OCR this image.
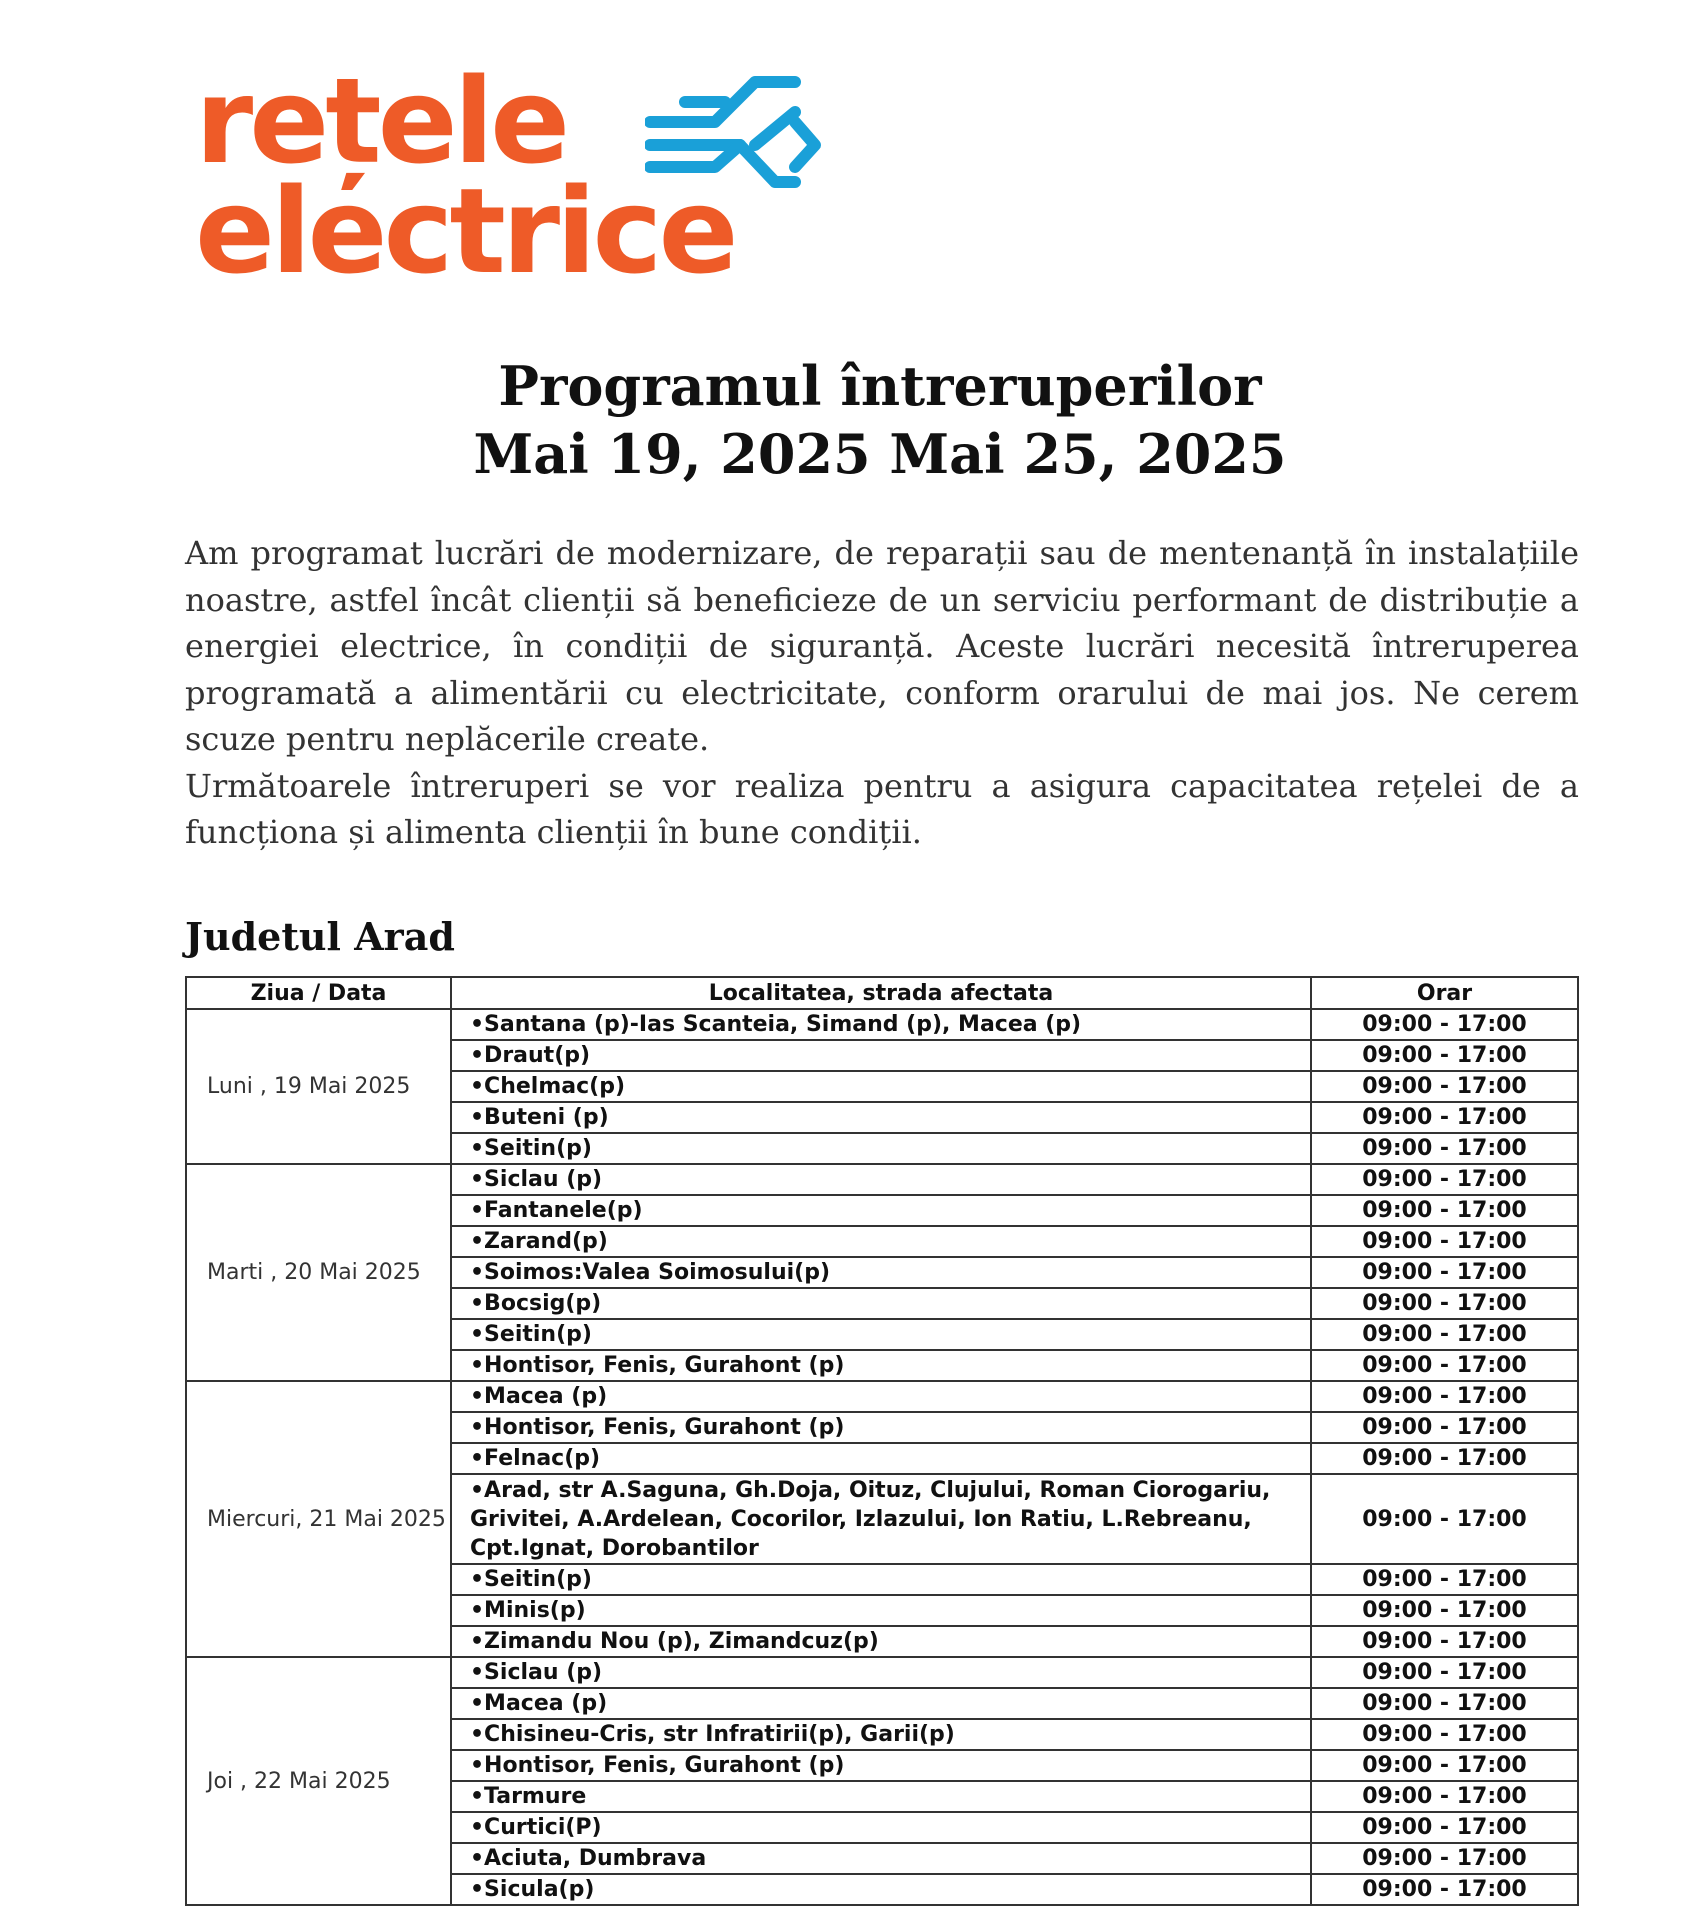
rețele
electrice
Programul întreruperilor
Mai 19, 2025 Mai 25, 2025

Am programat lucrări de modernizare, de reparații sau de mentenanță în instalațiile noastre, astfel încât clienții să beneficieze de un serviciu performant de distribuție a energiei electrice, în condiții de siguranță. Aceste lucrări necesită întreruperea programată a alimentării cu electricitate, conform orarului de mai jos. Ne cerem scuze pentru neplăcerile create.

Următoarele întreruperi se vor realiza pentru a asigura capacitatea rețelei de a funcționa și alimenta clienții în bune condiții.

Judetul Arad
Ziua / Data	Localitatea, strada afectata	Orar
Luni , 19 Mai 2025	•Santana (p)-Ias Scanteia, Simand (p), Macea (p)	09:00 - 17:00
	•Draut(p)	09:00 - 17:00
	•Chelmac(p)	09:00 - 17:00
	•Buteni (p)	09:00 - 17:00
	•Seitin(p)	09:00 - 17:00
Marti , 20 Mai 2025	•Siclau (p)	09:00 - 17:00
	•Fantanele(p)	09:00 - 17:00
	•Zarand(p)	09:00 - 17:00
	•Soimos:Valea Soimosului(p)	09:00 - 17:00
	•Bocsig(p)	09:00 - 17:00
	•Seitin(p)	09:00 - 17:00
	•Hontisor, Fenis, Gurahont (p)	09:00 - 17:00
Miercuri, 21 Mai 2025	•Macea (p)	09:00 - 17:00
	•Hontisor, Fenis, Gurahont (p)	09:00 - 17:00
	•Felnac(p)	09:00 - 17:00
	•Arad, str A.Saguna, Gh.Doja, Oituz, Clujului, Roman Ciorogariu, Grivitei, A.Ardelean, Cocorilor, Izlazului, Ion Ratiu, L.Rebreanu, Cpt.Ignat, Dorobantilor	09:00 - 17:00
	•Seitin(p)	09:00 - 17:00
	•Minis(p)	09:00 - 17:00
	•Zimandu Nou (p), Zimandcuz(p)	09:00 - 17:00
Joi , 22 Mai 2025	•Siclau (p)	09:00 - 17:00
	•Macea (p)	09:00 - 17:00
	•Chisineu-Cris, str Infratirii(p), Garii(p)	09:00 - 17:00
	•Hontisor, Fenis, Gurahont (p)	09:00 - 17:00
	•Tarmure	09:00 - 17:00
	•Curtici(P)	09:00 - 17:00
	•Aciuta, Dumbrava	09:00 - 17:00
	•Sicula(p)	09:00 - 17:00
